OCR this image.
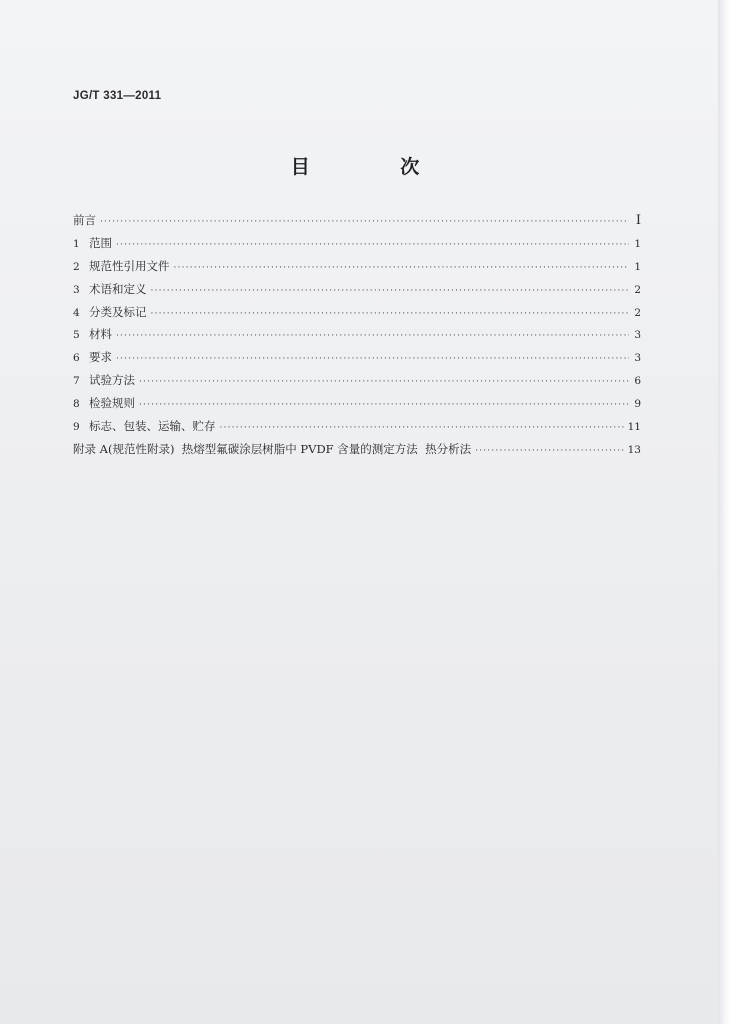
JG/T 331—2011
目 次
前言 ·····	I
1 范围 ·····	1
2 规范性引用文件 ·····	1
3 术语和定义 ·····	2
4 分类及标记 ·····	2
5 材料 ·····	3
6 要求 ·····	3
7 试验方法 ·····	6
8 检验规则 ·····	9
9 标志、包装、运输、贮存 ·····	11
附录 A(规范性附录)  热熔型氟碳涂层树脂中 PVDF 含量的测定方法  热分析法 ·····	13
